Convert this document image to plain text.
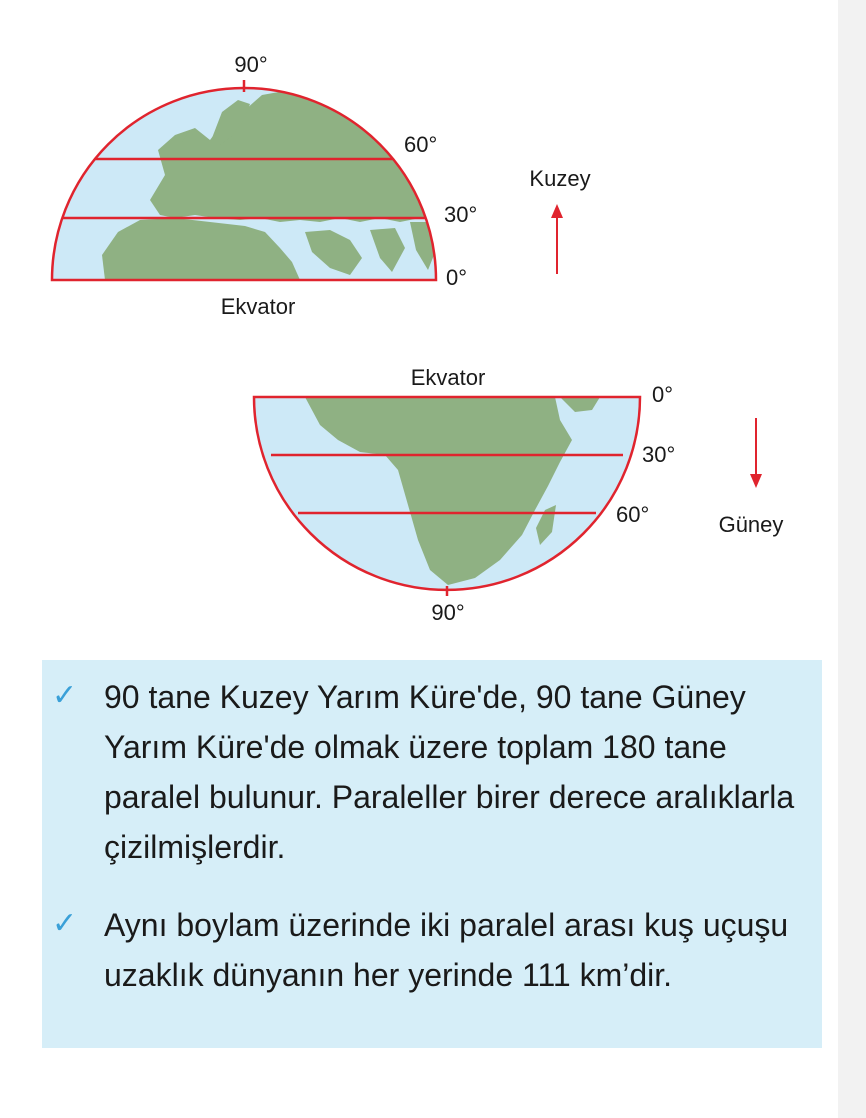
90°
60°
30°
0°
Ekvator
Kuzey
Ekvator
0°
30°
60°
90°
Güney
✓ 90 tane Kuzey Yarım Küre'de, 90 tane Güney Yarım Küre'de olmak üzere toplam 180 tane paralel bulunur. Paraleller birer derece aralıklarla çizilmişlerdir.
✓ Aynı boylam üzerinde iki paralel arası kuş uçuşu uzaklık dünyanın her yerinde 111 km’dir.
